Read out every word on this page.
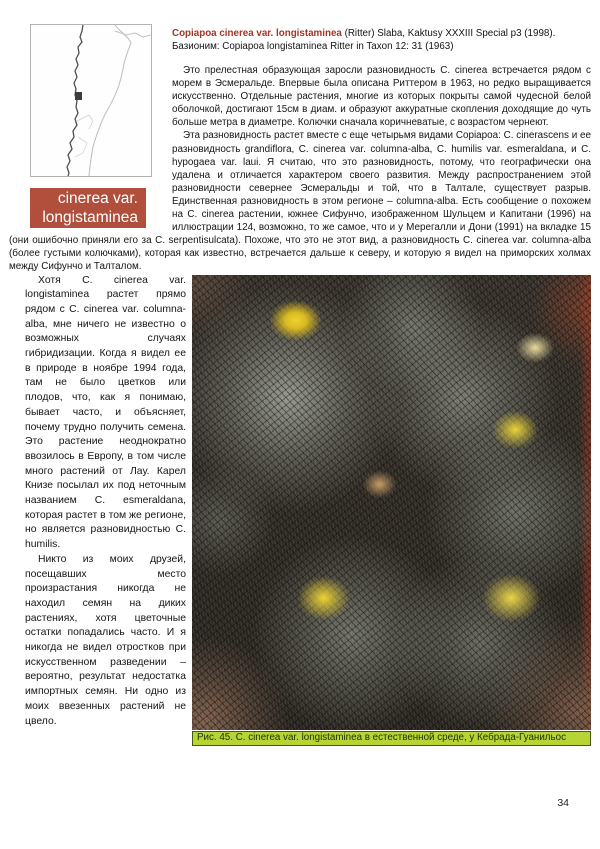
cinerea var.
longistaminea
Copiapoa cinerea var. longistaminea (Ritter) Slaba, Kaktusy XXXIII Special p3 (1998).
Базионим: Copiapoa longistaminea Ritter in Taxon 12: 31 (1963)

Это прелестная образующая заросли разновидность C. cinerea встречается рядом с морем в Эсмеральде. Впервые была описана Риттером в 1963, но редко выращивается искусственно. Отдельные растения, многие из которых покрыты самой чудесной белой оболочкой, достигают 15см в диам. и образуют аккуратные скопления доходящие до чуть больше метра в диаметре. Колючки сначала коричневатые, с возрастом чернеют.

Эта разновидность растет вместе с еще четырьмя видами Copiapoa: C. cinerascens и ее разновидность grandiflora, C. cinerea var. columna-alba, C. humilis var. esmeraldana, и C. hypogaea var. laui. Я считаю, что это разновидность, потому, что географически она удалена и отличается характером своего развития. Между распространением этой разновидности севернее Эсмеральды и той, что в Талтале, существует разрыв. Единственная разновидность в этом регионе – columna-alba. Есть сообщение о похожем на C. cinerea растении, южнее Сифунчо, изображенном Шульцем и Капитани (1996) на иллюстрации 124, возможно, то же самое, что и у Мерегалли и Дони (1991) на вкладке 15 (они ошибочно приняли его за C. serpentisulcata). Похоже, что это не этот вид, а разновидность C. cinerea var. columna-alba (более густыми колючками), которая как известно, встречается дальше к северу, и которую я видел на приморских холмах между Сифунчо и Талталом.

Рис. 45. C. cinerea var. longistaminea в естественной среде, у Кебрада-Гуанильос

Хотя C. cinerea var. longistaminea растет прямо рядом с C. cinerea var. columna-alba, мне ничего не известно о возможных случаях гибридизации. Когда я видел ее в природе в ноябре 1994 года, там не было цветков или плодов, что, как я понимаю, бывает часто, и объясняет, почему трудно получить семена. Это растение неоднократно ввозилось в Европу, в том числе много растений от Лау. Карел Книзе посылал их под неточным названием C. esmeraldana, которая растет в том же регионе, но является разновидностью C. humilis.

Никто из моих друзей, посещавших место произрастания никогда не находил семян на диких растениях, хотя цветочные остатки попадались часто. И я никогда не видел отростков при искусственном разведении – вероятно, результат недостатка импортных семян. Ни одно из моих ввезенных растений не цвело.

34
